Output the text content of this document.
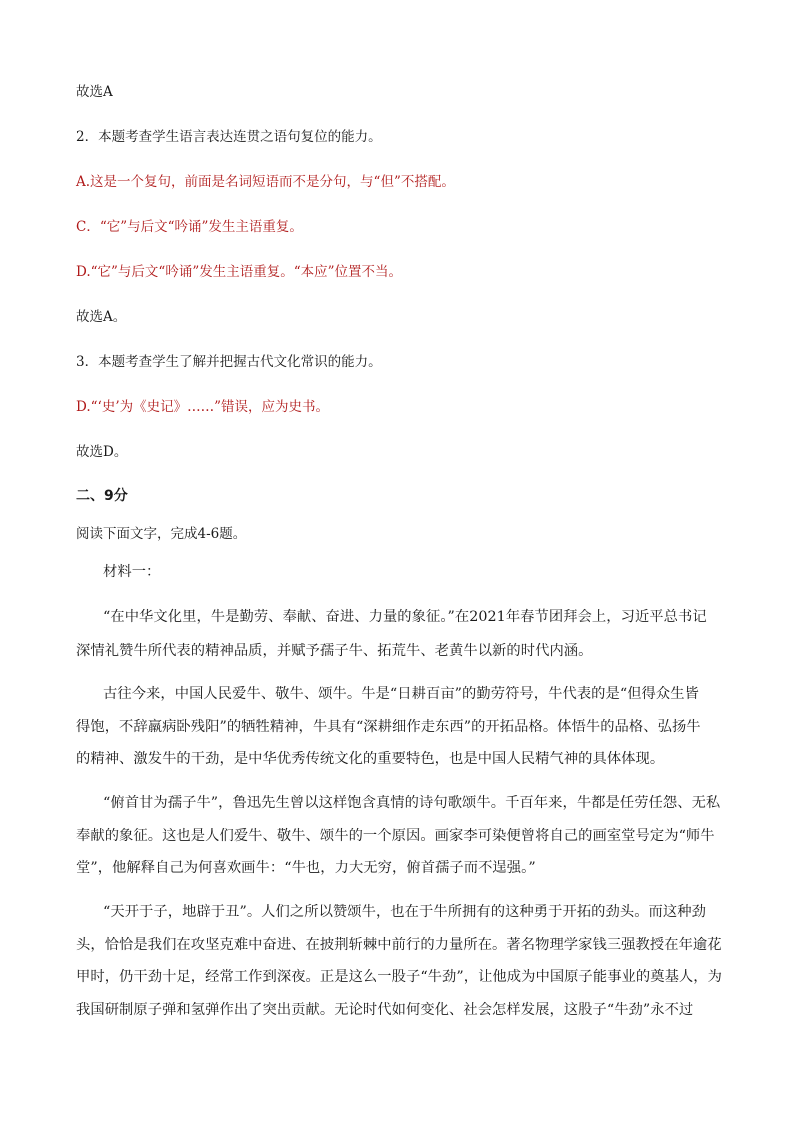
故选A
2．本题考查学生语言表达连贯之语句复位的能力。
A.这是一个复句，前面是名词短语而不是分句，与“但”不搭配。
C．“它”与后文“吟诵”发生主语重复。
D.“它”与后文“吟诵”发生主语重复。“本应”位置不当。
故选A。
3．本题考查学生了解并把握古代文化常识的能力。
D.“‘史’为《史记》……”错误，应为史书。
故选D。
二、9分
阅读下面文字，完成4-6题。
材料一：
“在中华文化里，牛是勤劳、奉献、奋进、力量的象征。”在2021年春节团拜会上，习近平总书记
深情礼赞牛所代表的精神品质，并赋予孺子牛、拓荒牛、老黄牛以新的时代内涵。
古往今来，中国人民爱牛、敬牛、颂牛。牛是“日耕百亩”的勤劳符号，牛代表的是“但得众生皆
得饱，不辞羸病卧残阳”的牺牲精神，牛具有“深耕细作走东西”的开拓品格。体悟牛的品格、弘扬牛
的精神、激发牛的干劲，是中华优秀传统文化的重要特色，也是中国人民精气神的具体体现。
“俯首甘为孺子牛”，鲁迅先生曾以这样饱含真情的诗句歌颂牛。千百年来，牛都是任劳任怨、无私
奉献的象征。这也是人们爱牛、敬牛、颂牛的一个原因。画家李可染便曾将自己的画室堂号定为“师牛
堂”，他解释自己为何喜欢画牛：“牛也，力大无穷，俯首孺子而不逞强。”
“天开于子，地辟于丑”。人们之所以赞颂牛，也在于牛所拥有的这种勇于开拓的劲头。而这种劲
头，恰恰是我们在攻坚克难中奋进、在披荆斩棘中前行的力量所在。著名物理学家钱三强教授在年逾花
甲时，仍干劲十足，经常工作到深夜。正是这么一股子“牛劲”，让他成为中国原子能事业的奠基人，为
我国研制原子弹和氢弹作出了突出贡献。无论时代如何变化、社会怎样发展，这股子“牛劲”永不过
